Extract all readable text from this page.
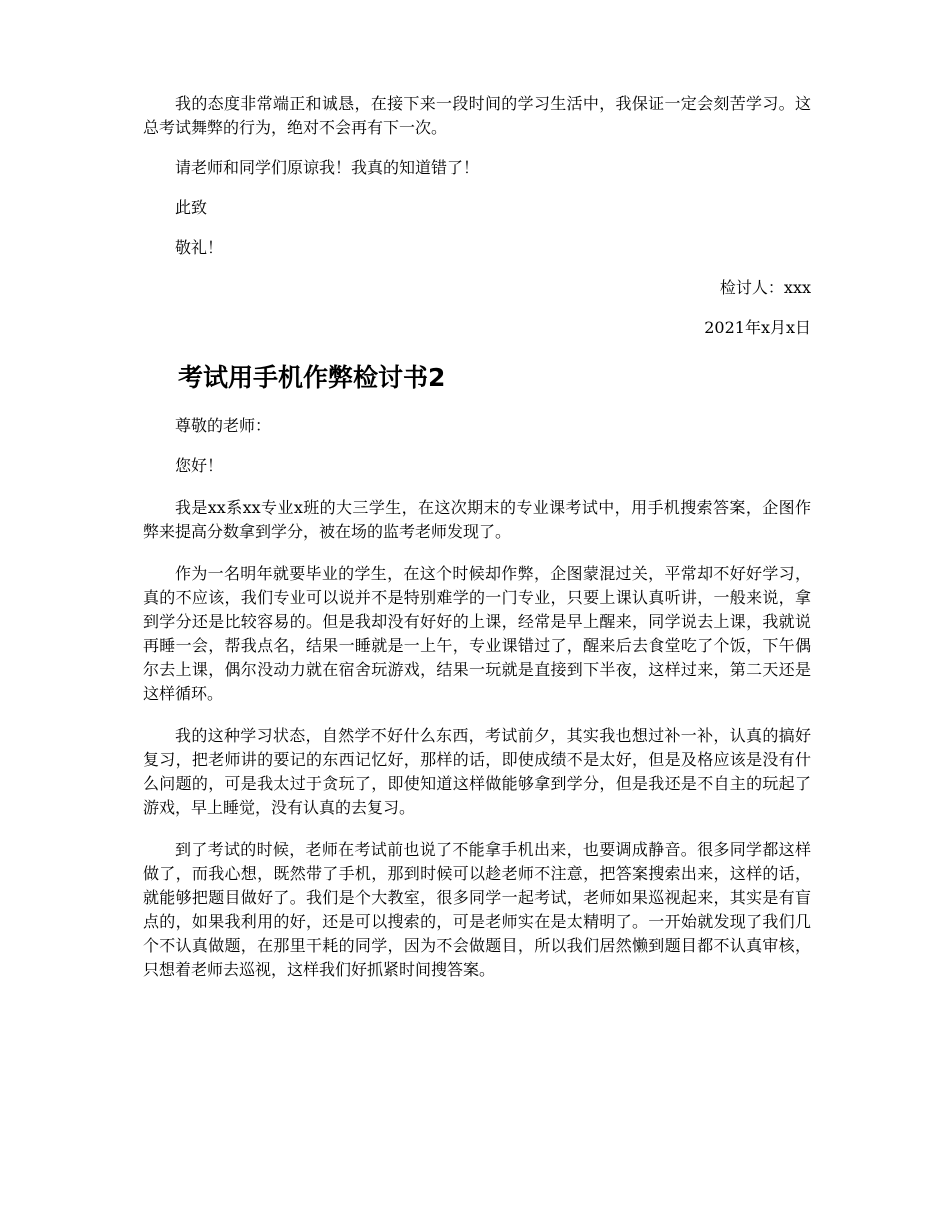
我的态度非常端正和诚恳，在接下来一段时间的学习生活中，我保证一定会刻苦学习。这总考试舞弊的行为，绝对不会再有下一次。

请老师和同学们原谅我！我真的知道错了！

此致

敬礼！

检讨人：xxx

2021年x月x日

考试用手机作弊检讨书2

尊敬的老师：

您好！

我是xx系xx专业x班的大三学生，在这次期末的专业课考试中，用手机搜索答案，企图作弊来提高分数拿到学分，被在场的监考老师发现了。

作为一名明年就要毕业的学生，在这个时候却作弊，企图蒙混过关，平常却不好好学习，真的不应该，我们专业可以说并不是特别难学的一门专业，只要上课认真听讲，一般来说，拿到学分还是比较容易的。但是我却没有好好的上课，经常是早上醒来，同学说去上课，我就说再睡一会，帮我点名，结果一睡就是一上午，专业课错过了，醒来后去食堂吃了个饭，下午偶尔去上课，偶尔没动力就在宿舍玩游戏，结果一玩就是直接到下半夜，这样过来，第二天还是这样循环。

我的这种学习状态，自然学不好什么东西，考试前夕，其实我也想过补一补，认真的搞好复习，把老师讲的要记的东西记忆好，那样的话，即使成绩不是太好，但是及格应该是没有什么问题的，可是我太过于贪玩了，即使知道这样做能够拿到学分，但是我还是不自主的玩起了游戏，早上睡觉，没有认真的去复习。

到了考试的时候，老师在考试前也说了不能拿手机出来，也要调成静音。很多同学都这样做了，而我心想，既然带了手机，那到时候可以趁老师不注意，把答案搜索出来，这样的话，就能够把题目做好了。我们是个大教室，很多同学一起考试，老师如果巡视起来，其实是有盲点的，如果我利用的好，还是可以搜索的，可是老师实在是太精明了。一开始就发现了我们几个不认真做题，在那里干耗的同学，因为不会做题目，所以我们居然懒到题目都不认真审核，只想着老师去巡视，这样我们好抓紧时间搜答案。
